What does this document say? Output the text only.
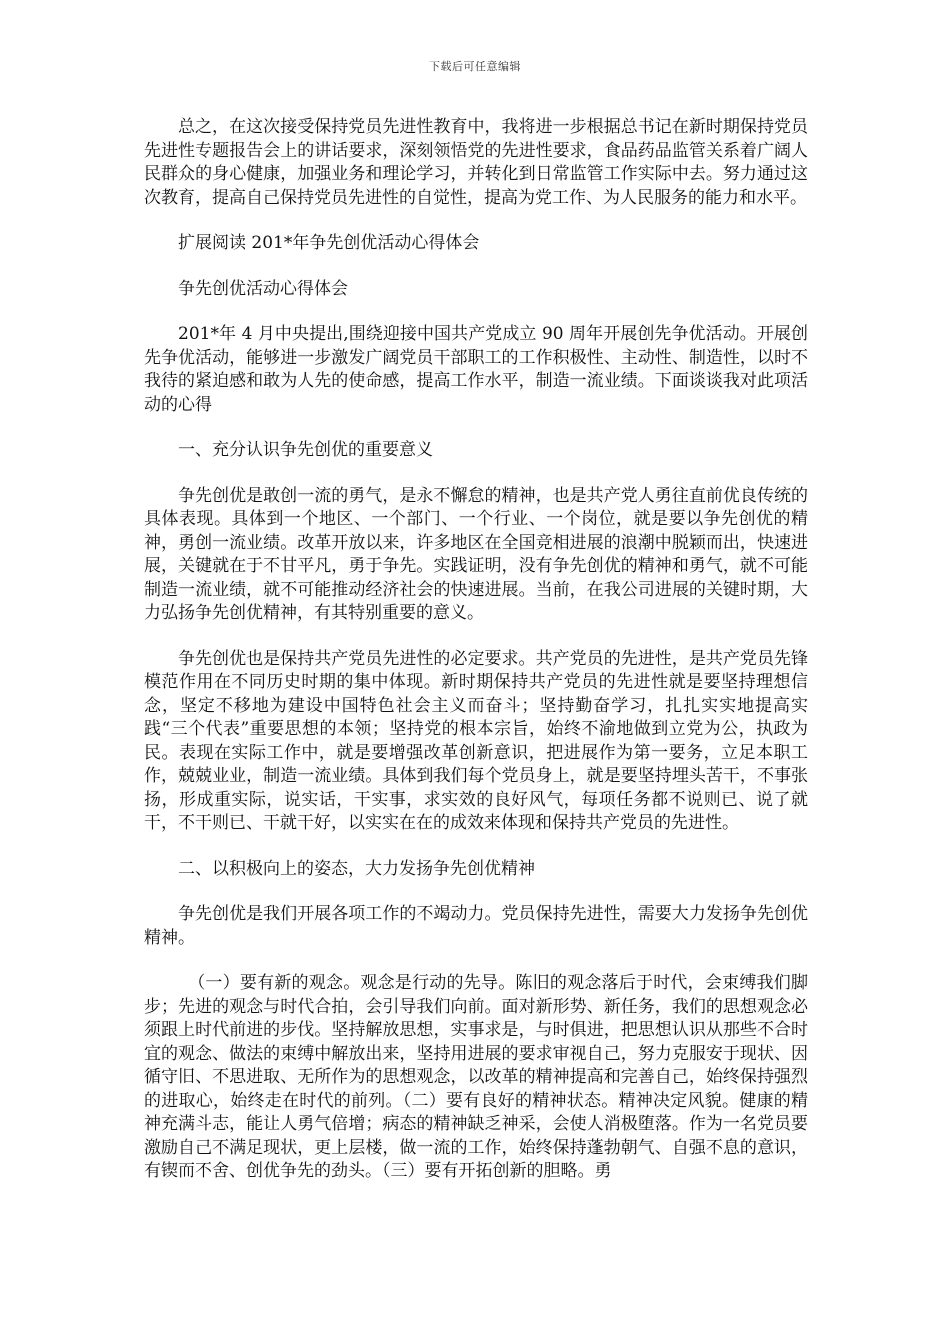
下载后可任意编辑

总之，在这次接受保持党员先进性教育中，我将进一步根据总书记在新时期保持党员先进性专题报告会上的讲话要求，深刻领悟党的先进性要求，食品药品监管关系着广阔人民群众的身心健康，加强业务和理论学习，并转化到日常监管工作实际中去。努力通过这次教育，提高自己保持党员先进性的自觉性，提高为党工作、为人民服务的能力和水平。

扩展阅读 201*年争先创优活动心得体会

争先创优活动心得体会

201*年 4 月中央提出,围绕迎接中国共产党成立 90 周年开展创先争优活动。开展创先争优活动，能够进一步激发广阔党员干部职工的工作积极性、主动性、制造性，以时不我待的紧迫感和敢为人先的使命感，提高工作水平，制造一流业绩。下面谈谈我对此项活动的心得

一、充分认识争先创优的重要意义

争先创优是敢创一流的勇气，是永不懈怠的精神，也是共产党人勇往直前优良传统的具体表现。具体到一个地区、一个部门、一个行业、一个岗位，就是要以争先创优的精神，勇创一流业绩。改革开放以来，许多地区在全国竞相进展的浪潮中脱颖而出，快速进展，关键就在于不甘平凡，勇于争先。实践证明，没有争先创优的精神和勇气，就不可能制造一流业绩，就不可能推动经济社会的快速进展。当前，在我公司进展的关键时期，大力弘扬争先创优精神，有其特别重要的意义。

争先创优也是保持共产党员先进性的必定要求。共产党员的先进性，是共产党员先锋模范作用在不同历史时期的集中体现。新时期保持共产党员的先进性就是要坚持理想信念，坚定不移地为建设中国特色社会主义而奋斗；坚持勤奋学习，扎扎实实地提高实践“三个代表”重要思想的本领；坚持党的根本宗旨，始终不渝地做到立党为公，执政为民。表现在实际工作中，就是要增强改革创新意识，把进展作为第一要务，立足本职工作，兢兢业业，制造一流业绩。具体到我们每个党员身上，就是要坚持埋头苦干，不事张扬，形成重实际，说实话，干实事，求实效的良好风气，每项任务都不说则已、说了就干，不干则已、干就干好，以实实在在的成效来体现和保持共产党员的先进性。

二、以积极向上的姿态，大力发扬争先创优精神

争先创优是我们开展各项工作的不竭动力。党员保持先进性，需要大力发扬争先创优精神。

（一）要有新的观念。观念是行动的先导。陈旧的观念落后于时代，会束缚我们脚步；先进的观念与时代合拍，会引导我们向前。面对新形势、新任务，我们的思想观念必须跟上时代前进的步伐。坚持解放思想，实事求是，与时俱进，把思想认识从那些不合时宜的观念、做法的束缚中解放出来，坚持用进展的要求审视自己，努力克服安于现状、因循守旧、不思进取、无所作为的思想观念，以改革的精神提高和完善自己，始终保持强烈的进取心，始终走在时代的前列。（二）要有良好的精神状态。精神决定风貌。健康的精神充满斗志，能让人勇气倍增；病态的精神缺乏神采，会使人消极堕落。作为一名党员要激励自己不满足现状，更上层楼，做一流的工作，始终保持蓬勃朝气、自强不息的意识，有锲而不舍、创优争先的劲头。（三）要有开拓创新的胆略。勇
